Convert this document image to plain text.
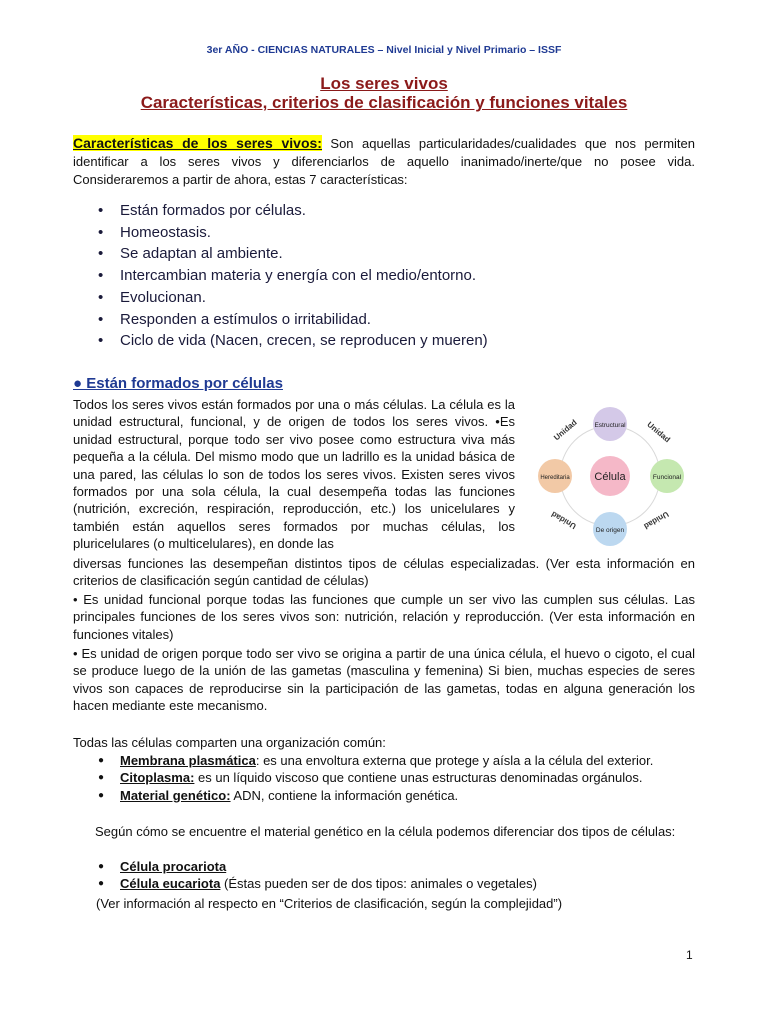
3er AÑO - CIENCIAS NATURALES – Nivel Inicial y Nivel Primario – ISSF
Los seres vivos
Características, criterios de clasificación y funciones vitales
Características de los seres vivos: Son aquellas particularidades/cualidades que nos permiten identificar a los seres vivos y diferenciarlos de aquello inanimado/inerte/que no posee vida. Consideraremos a partir de ahora, estas 7 características:
• Están formados por células.
• Homeostasis.
• Se adaptan al ambiente.
• Intercambian materia y energía con el medio/entorno.
• Evolucionan.
• Responden a estímulos o irritabilidad.
• Ciclo de vida (Nacen, crecen, se reproducen y mueren)
● Están formados por células
Todos los seres vivos están formados por una o más células. La célula es la unidad estructural, funcional, y de origen de todos los seres vivos. •Es unidad estructural, porque todo ser vivo posee como estructura viva más pequeña a la célula. Del mismo modo que un ladrillo es la unidad básica de una pared, las células lo son de todos los seres vivos. Existen seres vivos formados por una sola célula, la cual desempeña todas las funciones (nutrición, excreción, respiración, reproducción, etc.) los unicelulares y también están aquellos seres formados por muchas células, los pluricelulares (o multicelulares), en donde las
Célula
Estructural
Hereditaria	Funcional
De origen
Unidad	Unidad
Unidad	Unidad
diversas funciones las desempeñan distintos tipos de células especializadas. (Ver esta información en criterios de clasificación según cantidad de células)
• Es unidad funcional porque todas las funciones que cumple un ser vivo las cumplen sus células. Las principales funciones de los seres vivos son: nutrición, relación y reproducción. (Ver esta información en funciones vitales)
• Es unidad de origen porque todo ser vivo se origina a partir de una única célula, el huevo o cigoto, el cual se produce luego de la unión de las gametas (masculina y femenina) Si bien, muchas especies de seres vivos son capaces de reproducirse sin la participación de las gametas, todas en alguna generación los hacen mediante este mecanismo.
Todas las células comparten una organización común:
● Membrana plasmática: es una envoltura externa que protege y aísla a la célula del exterior.
● Citoplasma: es un líquido viscoso que contiene unas estructuras denominadas orgánulos.
● Material genético: ADN, contiene la información genética.
Según cómo se encuentre el material genético en la célula podemos diferenciar dos tipos de células:
● Célula procariota
● Célula eucariota (Éstas pueden ser de dos tipos: animales o vegetales)
(Ver información al respecto en “Criterios de clasificación, según la complejidad”)
1
